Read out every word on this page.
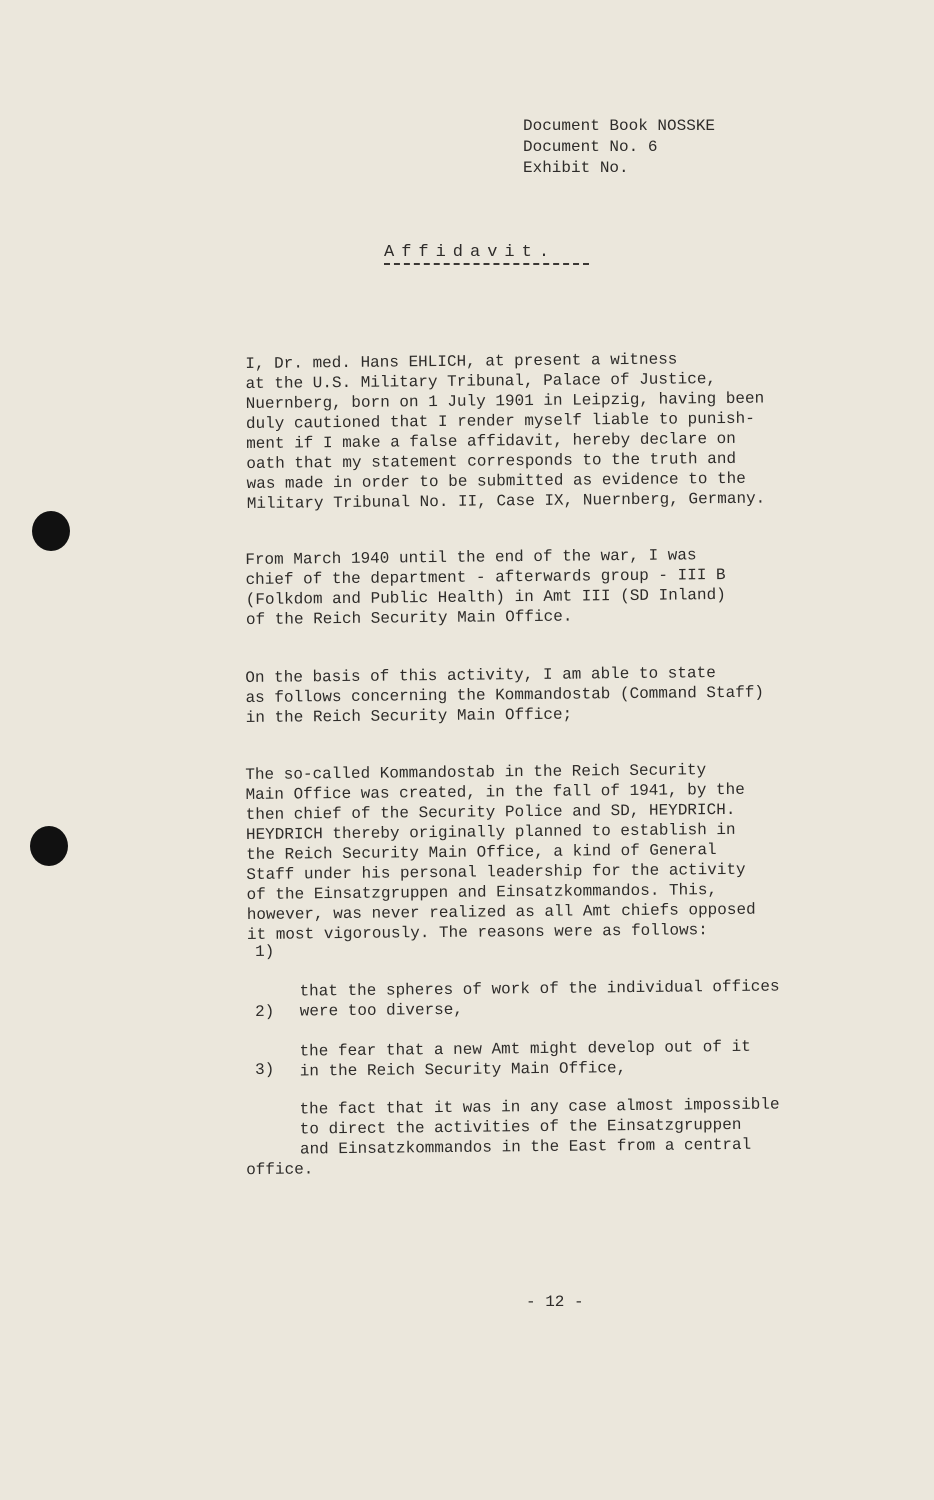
Document Book NOSSKE
Document No. 6
Exhibit No.
Affidavit.

I, Dr. med. Hans EHLICH, at present a witness
at the U.S. Military Tribunal, Palace of Justice,
Nuernberg, born on 1 July 1901 in Leipzig, having been
duly cautioned that I render myself liable to punish-
ment if I make a false affidavit, hereby declare on
oath that my statement corresponds to the truth and
was made in order to be submitted as evidence to the
Military Tribunal No. II, Case IX, Nuernberg, Germany.

From March 1940 until the end of the war, I was
chief of the department - afterwards group - III B
(Folkdom and Public Health) in Amt III (SD Inland)
of the Reich Security Main Office.

On the basis of this activity, I am able to state
as follows concerning the Kommandostab (Command Staff)
in the Reich Security Main Office;

The so-called Kommandostab in the Reich Security
Main Office was created, in the fall of 1941, by the
then chief of the Security Police and SD, HEYDRICH.
HEYDRICH thereby originally planned to establish in
the Reich Security Main Office, a kind of General
Staff under his personal leadership for the activity
of the Einsatzgruppen and Einsatzkommandos. This,
however, was never realized as all Amt chiefs opposed
it most vigorously. The reasons were as follows:

1)

that the spheres of work of the individual offices
were too diverse,

2)

the fear that a new Amt might develop out of it
in the Reich Security Main Office,

3)

the fact that it was in any case almost impossible
to direct the activities of the Einsatzgruppen
and Einsatzkommandos in the East from a central

office.
- 12 -
